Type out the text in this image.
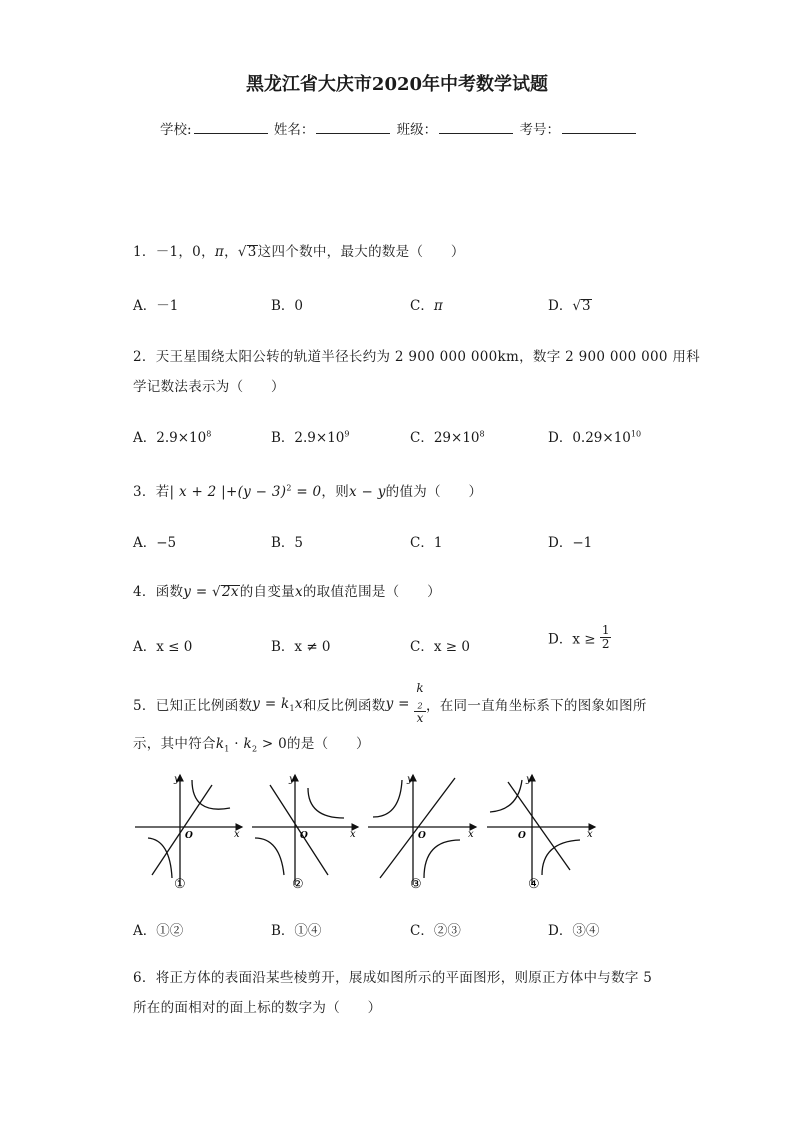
黑龙江省大庆市2020年中考数学试题
学校:	姓名：	班级：	考号：
1．－1，0，π，√3这四个数中，最大的数是（　　）
A．－1	B．0	C．π	D．√3
2．天王星围绕太阳公转的轨道半径长约为 2 900 000 000km，数字 2 900 000 000 用科
学记数法表示为（　　）
A．$2.9\times 10^8$	B．$2.9\times 10^9$	C．$29\times 10^8$	D．$0.29\times 10^{10}$
3．若| x + 2 $|+(y - 3)^2 = 0$，则x − y的值为（　　）
A．−5	B．5	C．1	D．−1
4．函数y = √2x的自变量x的取值范围是（　　）
A．x ≤ 0	B．x ≠ 0	C．x ≥ 0	D．$x \ge \frac{1}{2}$
5．已知正比例函数$y = k_1x$和反比例函数y = k
$_2$
x ，在同一直角坐标系下的图象如图所
示，其中符合$k_1 \cdot k_2 > 0$的是（　　）
y
x
O
①
y
x
O
②
y
x
O
③
y
x
O
④
A．①②	B．①④	C．②③	D．③④
6．将正方体的表面沿某些棱剪开，展成如图所示的平面图形，则原正方体中与数字 5
所在的面相对的面上标的数字为（　　）
